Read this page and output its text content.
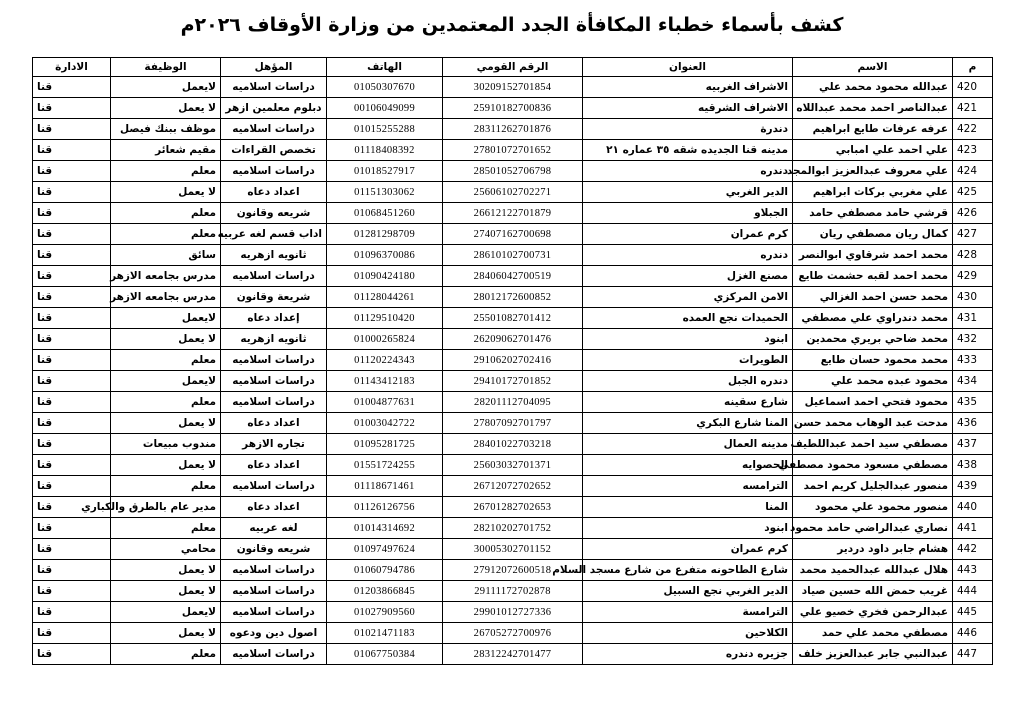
كشف بأسماء خطباء المكافأة الجدد المعتمدين من وزارة الأوقاف ٢٠٢٦م
م	الاسم	العنوان	الرقم القومي	الهاتف	المؤهل	الوظيفة	الادارة
420	عبدالله محمود محمد علي	الاشراف الغربيه	30209152701854	01050307670	دراسات اسلاميه	لايعمل	قنا
421	عبدالناصر احمد محمد عبداللاه	الاشراف الشرقيه	25910182700836	00106049099	دبلوم معلمين ازهر	لا يعمل	قنا
422	عرفه عرفات طايع ابراهيم	دندرة	28311262701876	01015255288	دراسات اسلاميه	موظف ببنك فيصل	قنا
423	علي احمد علي امبابي	مدينه قنا الجديده شقه ٣٥ عماره ٢١	27801072701652	01118408392	تخصص القراءات	مقيم شعائر	قنا
424	علي معروف عبدالعزيز ابوالمجد	دندره	28501052706798	01018527917	دراسات اسلاميه	معلم	قنا
425	علي مغربي بركات ابراهيم	الدير الغربي	25606102702271	01151303062	اعداد دعاه	لا يعمل	قنا
426	قرشي حامد مصطفي حامد	الجبلاو	26612122701879	01068451260	شريعه وقانون	معلم	قنا
427	كمال ريان مصطفي ريان	كرم عمران	27407162700698	01281298709	اداب قسم لغه عربيه	معلم	قنا
428	محمد احمد شرقاوي ابوالنصر	دندره	28610102700731	01096370086	ثانويه ازهريه	سائق	قنا
429	محمد احمد لقبه حشمت طايع	مصنع الغزل	28406042700519	01090424180	دراسات اسلاميه	مدرس بجامعه الازهر	قنا
430	محمد حسن احمد الغزالي	الامن المركزي	28012172600852	01128044261	شريعة وقانون	مدرس بجامعه الازهر	قنا
431	محمد دندراوي علي مصطفي	الحميدات نجع العمده	25501082701412	01129510420	إعداد دعاه	لايعمل	قنا
432	محمد ضاحي بريري محمدين	ابنود	26209062701476	01000265824	ثانويه ازهريه	لا يعمل	قنا
433	محمد محمود حسان طايع	الطويرات	29106202702416	01120224343	دراسات اسلاميه	معلم	قنا
434	محمود عبده محمد علي	دندره الجبل	29410172701852	01143412183	دراسات اسلاميه	لايعمل	قنا
435	محمود فتحي احمد اسماعيل	شارع سقينه	28201112704095	01004877631	دراسات اسلاميه	معلم	قنا
436	مدحت عبد الوهاب محمد حسن	المنا شارع البكري	27807092701797	01003042722	اعداد دعاه	لا يعمل	قنا
437	مصطفي سيد احمد عبداللطيف	مدينه العمال	28401022703218	01095281725	تجاره الازهر	مندوب مبيعات	قنا
438	مصطفي مسعود محمود مصطفي	الحصوايه	25603032701371	01551724255	اعداد دعاه	لا يعمل	قنا
439	منصور عبدالجليل كريم احمد	الترامسه	26712072702652	01118671461	دراسات اسلاميه	معلم	قنا
440	منصور محمود علي محمود	المنا	26701282702653	01126126756	اعداد دعاه	مدير عام بالطرق والكباري	قنا
441	نصاري عبدالراضي حامد محمود	ابنود	28210202701752	01014314692	لغه عربيه	معلم	قنا
442	هشام جابر داود دردير	كرم عمران	30005302701152	01097497624	شريعه وقانون	محامي	قنا
443	هلال عبدالله عبدالحميد محمد	شارع الطاحونه متفرع من شارع مسجد السلام	27912072600518	01060794786	دراسات اسلاميه	لا يعمل	قنا
444	غريب حمض الله حسين صياد	الدير الغربي نجع السبيل	29111172702878	01203866845	دراسات اسلاميه	لا يعمل	قنا
445	عبدالرحمن فخري خصيو علي	الترامسة	29901012727336	01027909560	دراسات اسلاميه	لايعمل	قنا
446	مصطفي محمد علي حمد	الكلاحين	26705272700976	01021471183	اصول دين ودعوه	لا يعمل	قنا
447	عبدالنبي جابر عبدالعزيز خلف	جزيره دندره	28312242701477	01067750384	دراسات اسلاميه	معلم	قنا
